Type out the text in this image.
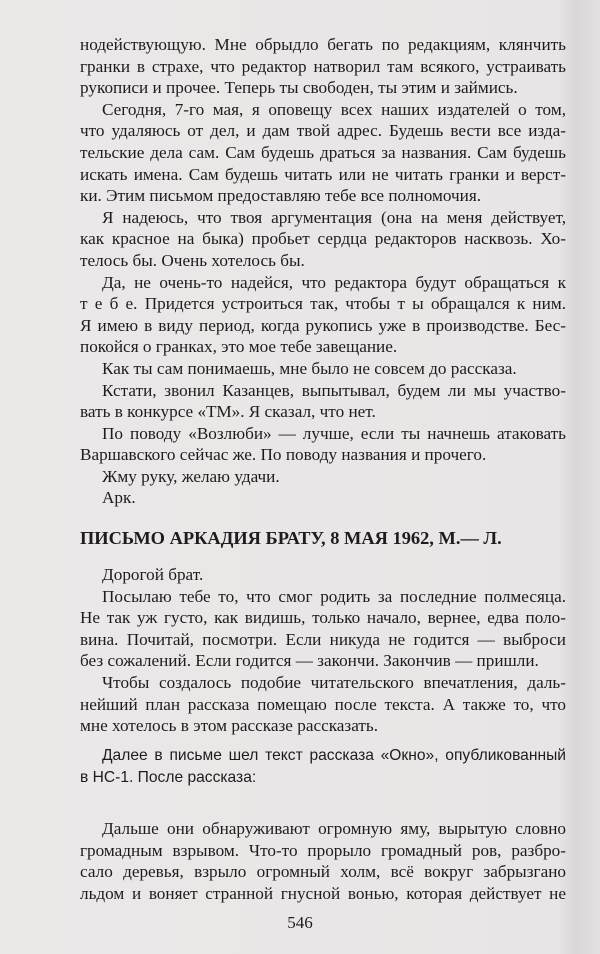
нодействующую. Мне обрыдло бегать по редакциям, клянчить
гранки в страхе, что редактор натворил там всякого, устраивать
рукописи и прочее. Теперь ты свободен, ты этим и займись.
Сегодня, 7-го мая, я оповещу всех наших издателей о том,
что удаляюсь от дел, и дам твой адрес. Будешь вести все изда-
тельские дела сам. Сам будешь драться за названия. Сам будешь
искать имена. Сам будешь читать или не читать гранки и верст-
ки. Этим письмом предоставляю тебе все полномочия.
Я надеюсь, что твоя аргументация (она на меня действует,
как красное на быка) пробьет сердца редакторов насквозь. Хо-
телось бы. Очень хотелось бы.
Да, не очень-то надейся, что редактора будут обращаться к
т е б е. Придется устроиться так, чтобы т ы обращался к ним.
Я имею в виду период, когда рукопись уже в производстве. Бес-
покойся о гранках, это мое тебе завещание.
Как ты сам понимаешь, мне было не совсем до рассказа.
Кстати, звонил Казанцев, выпытывал, будем ли мы участво-
вать в конкурсе «ТМ». Я сказал, что нет.
По поводу «Возлюби» — лучше, если ты начнешь атаковать
Варшавского сейчас же. По поводу названия и прочего.
Жму руку, желаю удачи.
Арк.
ПИСЬМО АРКАДИЯ БРАТУ, 8 МАЯ 1962, М.— Л.
Дорогой брат.
Посылаю тебе то, что смог родить за последние полмесяца.
Не так уж густо, как видишь, только начало, вернее, едва поло-
вина. Почитай, посмотри. Если никуда не годится — выброси
без сожалений. Если годится — закончи. Закончив — пришли.
Чтобы создалось подобие читательского впечатления, даль-
нейший план рассказа помещаю после текста. А также то, что
мне хотелось в этом рассказе рассказать.
Далее в письме шел текст рассказа «Окно», опубликованный
в НС-1. После рассказа:
Дальше они обнаруживают огромную яму, вырытую словно
громадным взрывом. Что-то прорыло громадный ров, разбро-
сало деревья, взрыло огромный холм, всё вокруг забрызгано
льдом и воняет странной гнусной вонью, которая действует не
546
